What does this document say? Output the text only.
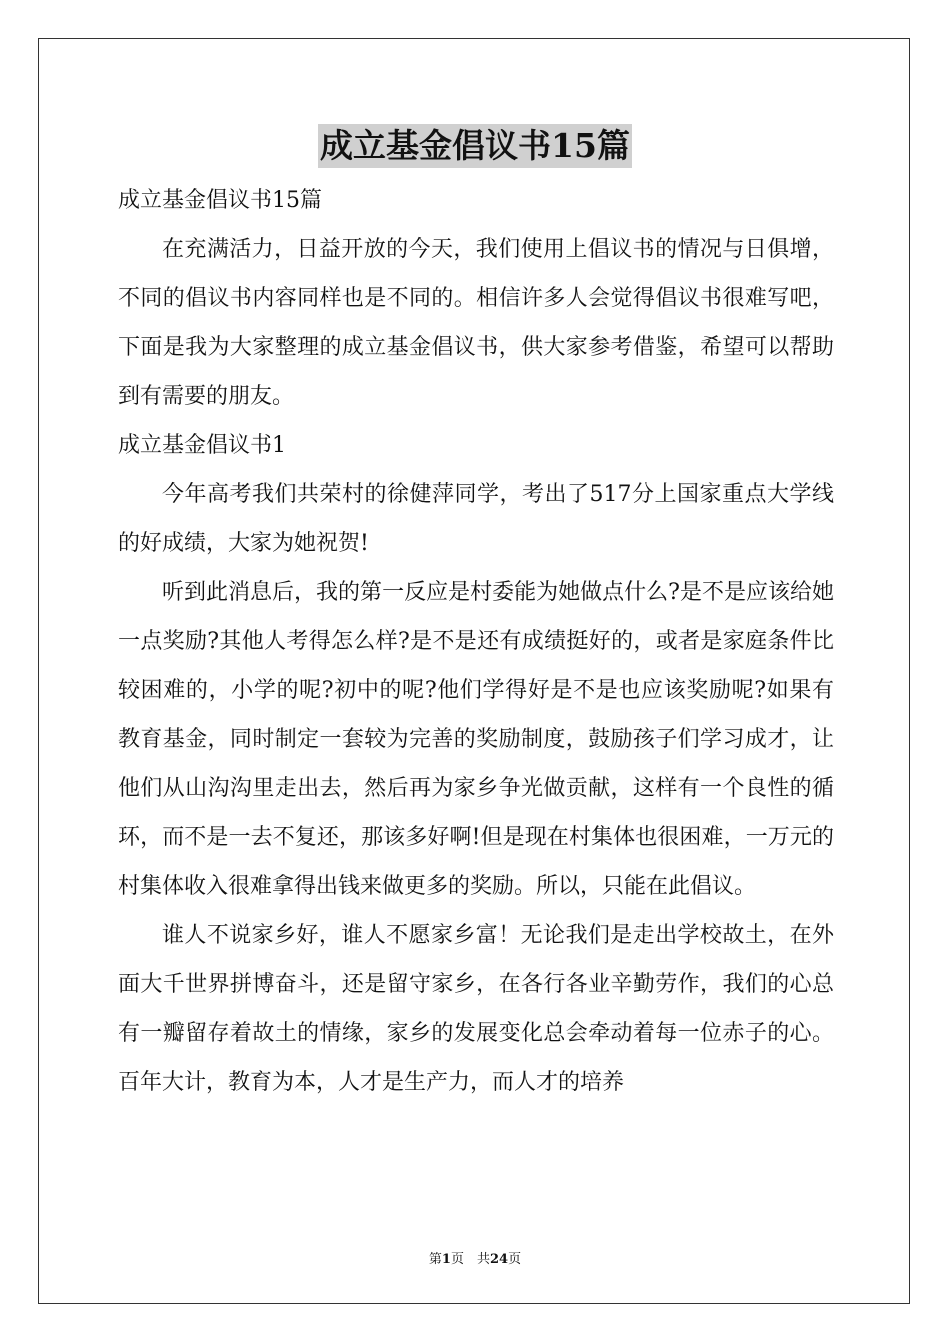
成立基金倡议书15篇

成立基金倡议书15篇

在充满活力，日益开放的今天，我们使用上倡议书的情况与日俱增，不同的倡议书内容同样也是不同的。相信许多人会觉得倡议书很难写吧，下面是我为大家整理的成立基金倡议书，供大家参考借鉴，希望可以帮助到有需要的朋友。

成立基金倡议书1

今年高考我们共荣村的徐健萍同学，考出了517分上国家重点大学线的好成绩，大家为她祝贺!

听到此消息后，我的第一反应是村委能为她做点什么?是不是应该给她一点奖励?其他人考得怎么样?是不是还有成绩挺好的，或者是家庭条件比较困难的，小学的呢?初中的呢?他们学得好是不是也应该奖励呢?如果有教育基金，同时制定一套较为完善的奖励制度，鼓励孩子们学习成才，让他们从山沟沟里走出去，然后再为家乡争光做贡献，这样有一个良性的循环，而不是一去不复还，那该多好啊!但是现在村集体也很困难，一万元的村集体收入很难拿得出钱来做更多的奖励。所以，只能在此倡议。

谁人不说家乡好，谁人不愿家乡富！无论我们是走出学校故土，在外面大千世界拼博奋斗，还是留守家乡，在各行各业辛勤劳作，我们的心总有一瓣留存着故土的情缘，家乡的发展变化总会牵动着每一位赤子的心。 百年大计，教育为本，人才是生产力，而人才的培养

第1页　共24页
